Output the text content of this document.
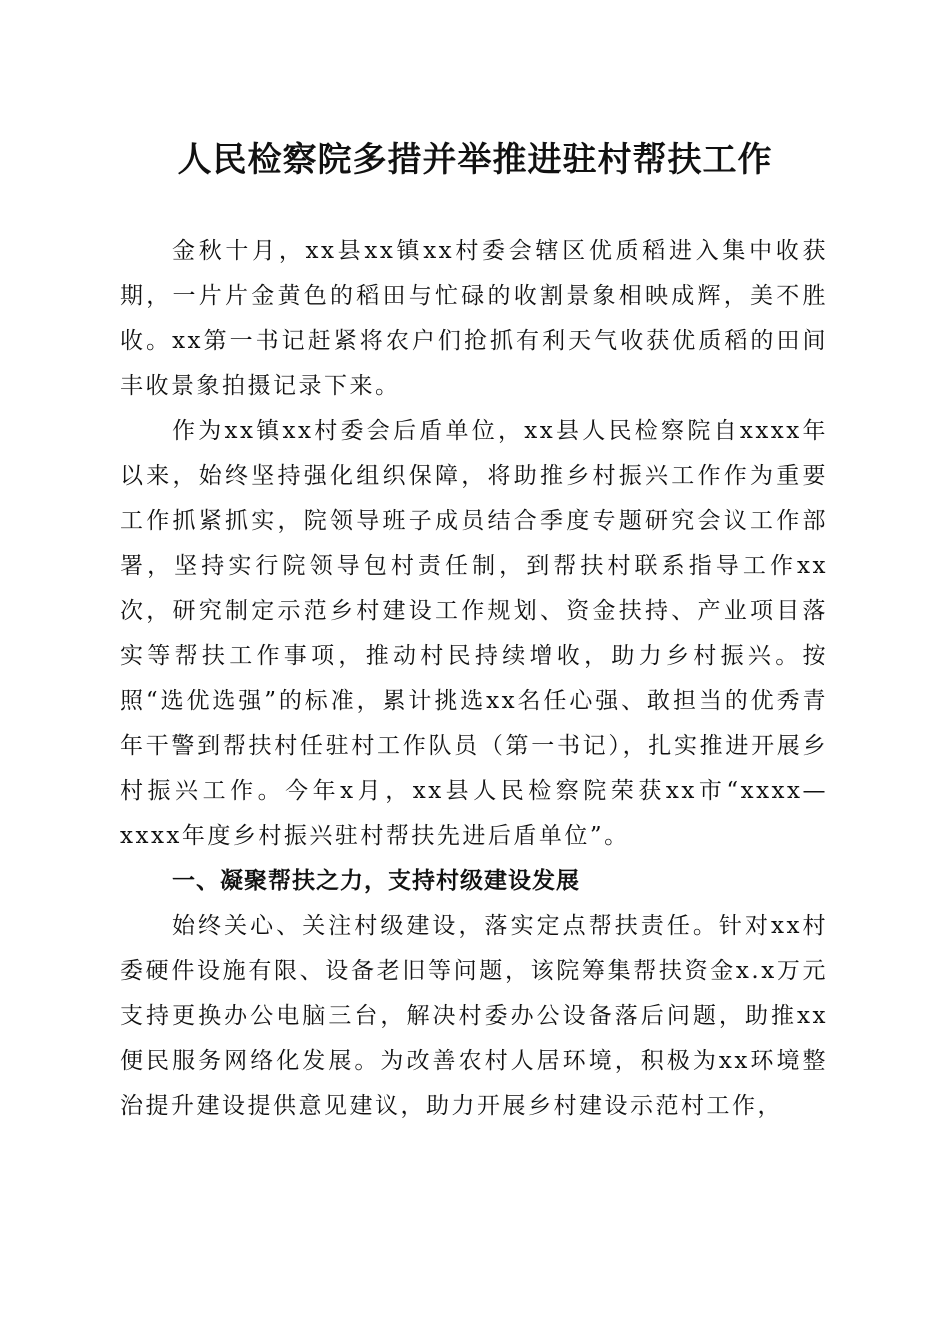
人民检察院多措并举推进驻村帮扶工作

金秋十月，xx县xx镇xx村委会辖区优质稻进入集中收获期，一片片金黄色的稻田与忙碌的收割景象相映成辉，美不胜收。xx第一书记赶紧将农户们抢抓有利天气收获优质稻的田间丰收景象拍摄记录下来。

作为xx镇xx村委会后盾单位，xx县人民检察院自xxxx年以来，始终坚持强化组织保障，将助推乡村振兴工作作为重要工作抓紧抓实，院领导班子成员结合季度专题研究会议工作部署，坚持实行院领导包村责任制，到帮扶村联系指导工作xx次，研究制定示范乡村建设工作规划、资金扶持、产业项目落实等帮扶工作事项，推动村民持续增收，助力乡村振兴。按照“选优选强”的标准，累计挑选xx名任心强、敢担当的优秀青年干警到帮扶村任驻村工作队员（第一书记），扎实推进开展乡村振兴工作。今年x月，xx县人民检察院荣获xx市“xxxx—xxxx年度乡村振兴驻村帮扶先进后盾单位”。

一、凝聚帮扶之力，支持村级建设发展

始终关心、关注村级建设，落实定点帮扶责任。针对xx村委硬件设施有限、设备老旧等问题，该院筹集帮扶资金x.x万元支持更换办公电脑三台，解决村委办公设备落后问题，助推xx便民服务网络化发展。为改善农村人居环境，积极为xx环境整治提升建设提供意见建议，助力开展乡村建设示范村工作，
